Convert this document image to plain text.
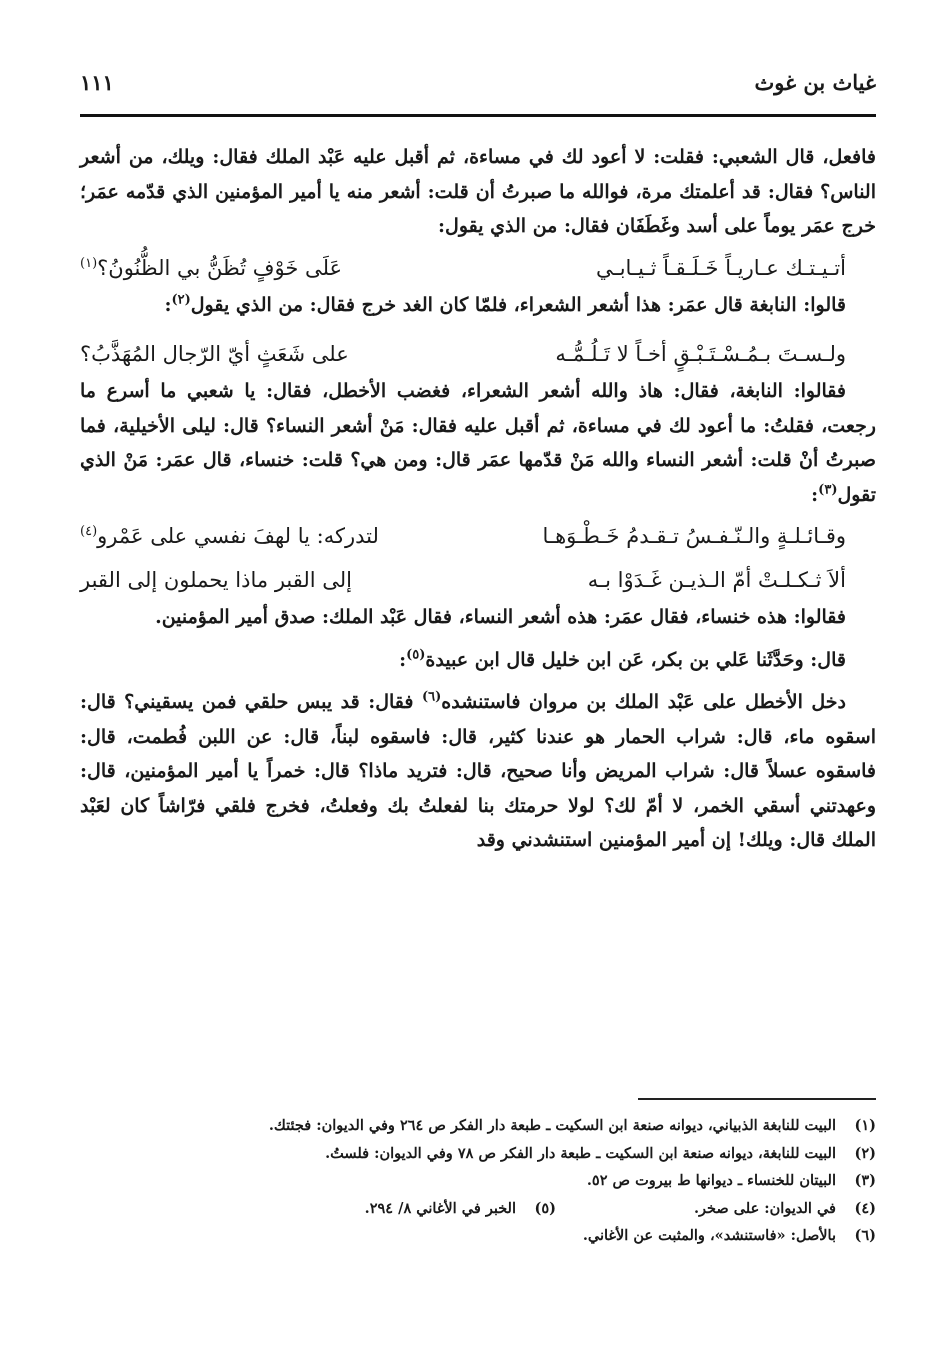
غياث بن غوث
١١١

فافعل، قال الشعبي: فقلت: لا أعود لك في مساءة، ثم أقبل عليه عَبْد الملك فقال: ويلك، من أشعر الناس؟ فقال: قد أعلمتك مرة، فوالله ما صبرتُ أن قلت: أشعر منه يا أمير المؤمنين الذي قدّمه عمَر؛ خرج عمَر يوماً على أسد وغَطَفَان فقال: من الذي يقول:

أتـيـتـك عـاريـاً خَـلَـقـاً ثـيـابـي
عَلَى خَوْفٍ تُظَنُّ بي الظُّنُونُ؟$^{(١)}$

قالوا: النابغة قال عمَر: هذا أشعر الشعراء، فلمّا كان الغد خرج فقال: من الذي يقول$^{(٢)}$:

ولـسـتَ بـمُـسْـتَـبْـقٍ أخـاً لا تَـلُـمُّـه
على شَعَثٍ أيّ الرّجال المُهَذَّبُ؟

فقالوا: النابغة، فقال: هاذ والله أشعر الشعراء، فغضب الأخطل، فقال: يا شعبي ما أسرع ما رجعت، فقلتُ: ما أعود لك في مساءة، ثم أقبل عليه فقال: مَنْ أشعر النساء؟ قال: ليلى الأخيلية، فما صبرتُ أنْ قلت: أشعر النساء والله مَنْ قدّمها عمَر قال: ومن هي؟ قلت: خنساء، قال عمَر: مَنْ الذي تقول$^{(٣)}$:

وقـائـلـةٍ والـنّـفـسُ تـقـدمُ خَـطْـوَهـا
لتدركه: يا لهفَ نفسي على عَمْرو$^{(٤)}$
ألاَ ثـكـلـتْ أمّ الـذيـن غَـدَوْا بـه
إلى القبر ماذا يحملون إلى القبر

فقالوا: هذه خنساء، فقال عمَر: هذه أشعر النساء، فقال عَبْد الملك: صدق أمير المؤمنين.

قال: وحَدَّثَنا عَلي بن بكر، عَن ابن خليل قال ابن عبيدة$^{(٥)}$:

دخل الأخطل على عَبْد الملك بن مروان فاستنشده$^{(٦)}$ فقال: قد يبس حلقي فمن يسقيني؟ قال: اسقوه ماء، قال: شراب الحمار هو عندنا كثير، قال: فاسقوه لبناً، قال: عن اللبن فُطمت، قال: فاسقوه عسلاً قال: شراب المريض وأنا صحيح، قال: فتريد ماذا؟ قال: خمراً يا أمير المؤمنين، قال: وعهدتني أسقي الخمر، لا أمّ لك؟ لولا حرمتك بنا لفعلتُ بك وفعلتُ، فخرج فلقي فرّاشاً كان لعَبْد الملك قال: ويلك! إن أمير المؤمنين استنشدني وقد

(١)البيت للنابغة الذبياني، ديوانه صنعة ابن السكيت ـ طبعة دار الفكر ص ٢٦٤ وفي الديوان: فجئتك.
(٢)البيت للنابغة، ديوانه صنعة ابن السكيت ـ طبعة دار الفكر ص ٧٨ وفي الديوان: فلستُ.
(٣)البيتان للخنساء ـ ديوانها ط بيروت ص ٥٢.
(٤)في الديوان: على صخر.
(٥)الخبر في الأغاني ٨/ ٢٩٤.
(٦)بالأصل: «فاستنشد»، والمثبت عن الأغاني.
